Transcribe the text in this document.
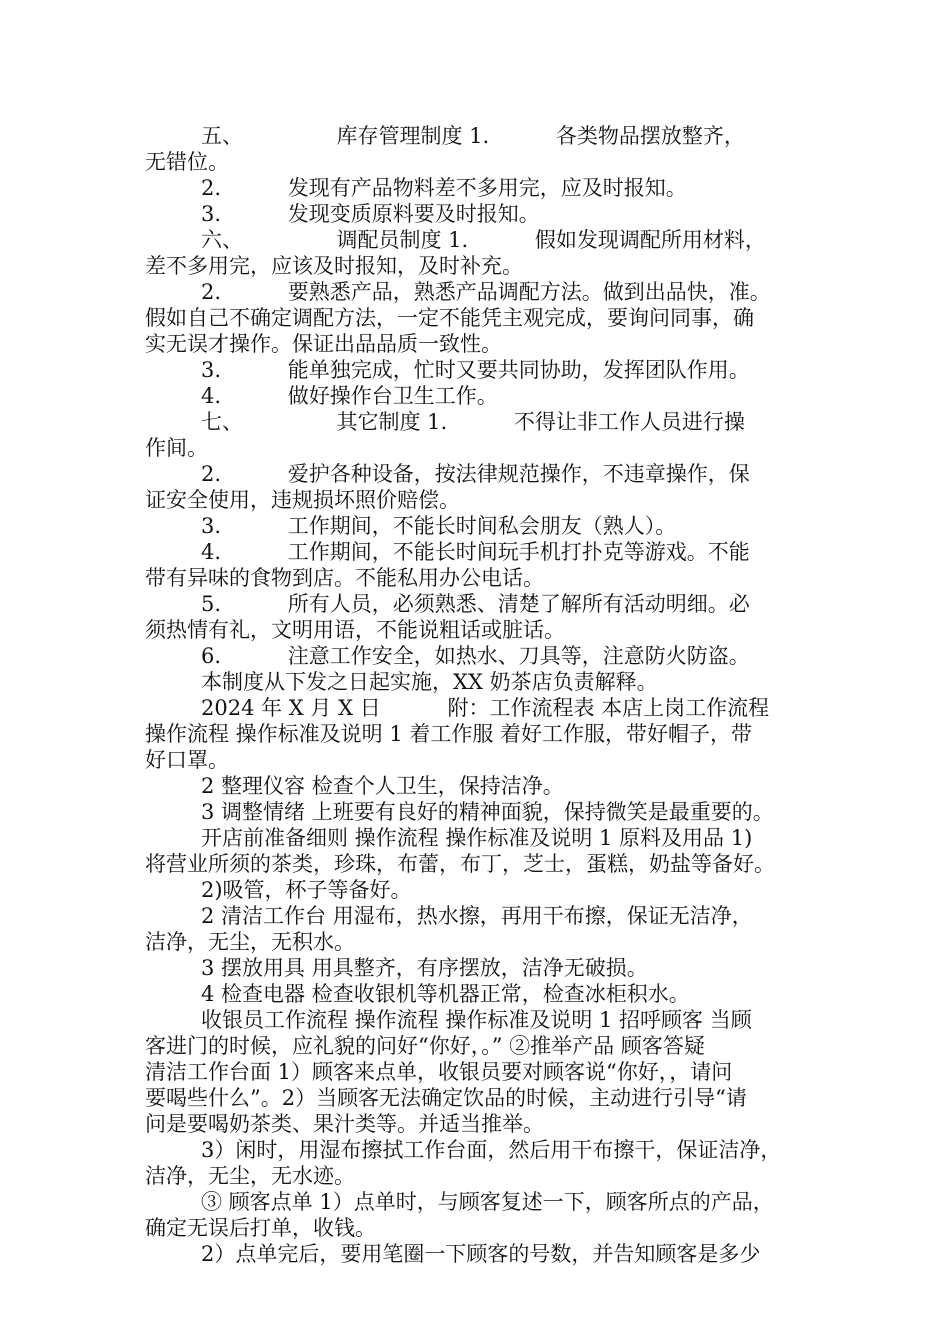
五、              库存管理制度 1.          各类物品摆放整齐，
无错位。
2.          发现有产品物料差不多用完，应及时报知。
3.          发现变质原料要及时报知。
六、              调配员制度 1.          假如发现调配所用材料，
差不多用完，应该及时报知，及时补充。
2.          要熟悉产品，熟悉产品调配方法。做到出品快，准。
假如自己不确定调配方法，一定不能凭主观完成，要询问同事，确
实无误才操作。保证出品品质一致性。
3.          能单独完成，忙时又要共同协助，发挥团队作用。
4.          做好操作台卫生工作。
七、              其它制度 1.          不得让非工作人员进行操
作间。
2.          爱护各种设备，按法律规范操作，不违章操作，保
证安全使用，违规损坏照价赔偿。
3.          工作期间，不能长时间私会朋友（熟人）。
4.          工作期间，不能长时间玩手机打扑克等游戏。不能
带有异味的食物到店。不能私用办公电话。
5.          所有人员，必须熟悉、清楚了解所有活动明细。必
须热情有礼，文明用语，不能说粗话或脏话。
6.          注意工作安全，如热水、刀具等，注意防火防盗。
本制度从下发之日起实施，XX 奶茶店负责解释。
2024 年 X 月 X 日          附：工作流程表 本店上岗工作流程
操作流程 操作标准及说明 1 着工作服 着好工作服，带好帽子，带
好口罩。
2 整理仪容 检查个人卫生，保持洁净。
3 调整情绪 上班要有良好的精神面貌，保持微笑是最重要的。
开店前准备细则 操作流程 操作标准及说明 1 原料及用品 1)
将营业所须的茶类，珍珠，布蕾，布丁，芝士，蛋糕，奶盐等备好。
2)吸管，杯子等备好。
2 清洁工作台 用湿布，热水擦，再用干布擦，保证无洁净，
洁净，无尘，无积水。
3 摆放用具 用具整齐，有序摆放，洁净无破损。
4 检查电器 检查收银机等机器正常，检查冰柜积水。
收银员工作流程 操作流程 操作标准及说明 1 招呼顾客 当顾
客进门的时候，应礼貌的问好“你好，。” ②推举产品 顾客答疑
清洁工作台面 1）顾客来点单，收银员要对顾客说“你好，，请问
要喝些什么”。2）当顾客无法确定饮品的时候，主动进行引导“请
问是要喝奶茶类、果汁类等。并适当推举。
3）闲时，用湿布擦拭工作台面，然后用干布擦干，保证洁净，
洁净，无尘，无水迹。
③ 顾客点单 1）点单时，与顾客复述一下，顾客所点的产品，
确定无误后打单，收钱。
2）点单完后，要用笔圈一下顾客的号数，并告知顾客是多少
